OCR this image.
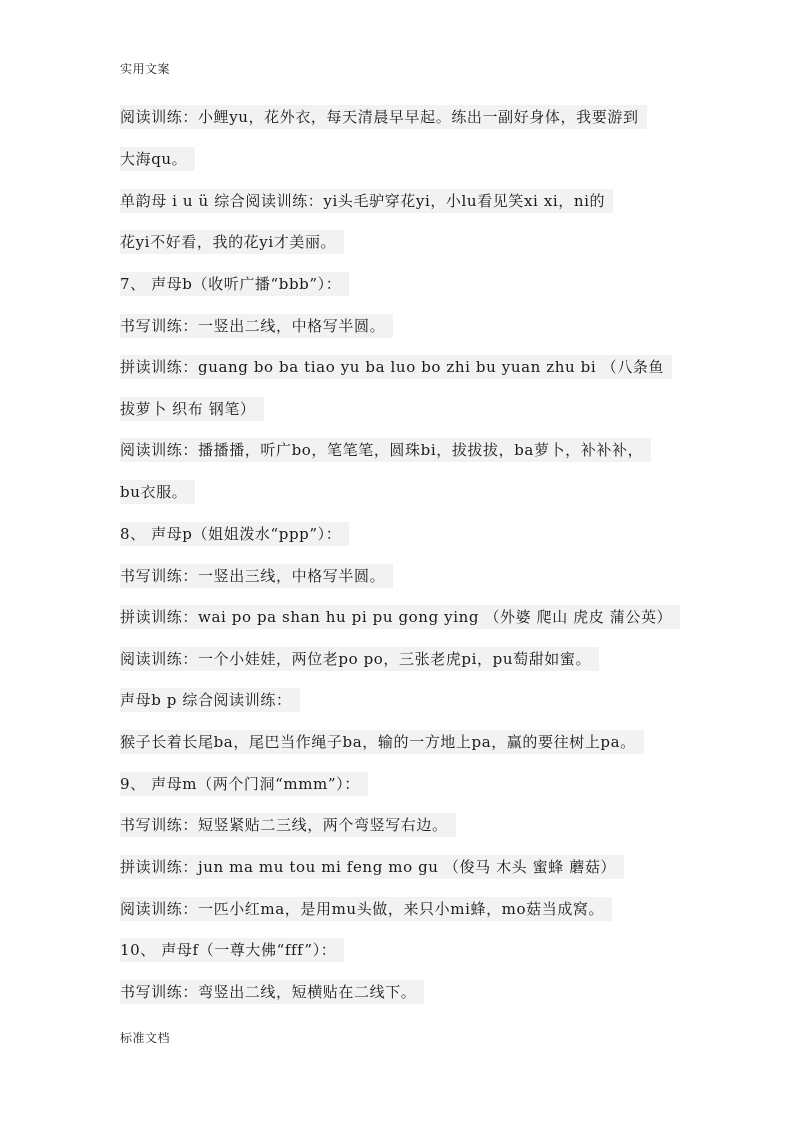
实用文案
阅读训练：小鲤yu，花外衣，每天清晨早早起。练出一副好身体，我要游到
大海qu。
单韵母 i u ü 综合阅读训练：yi头毛驴穿花yi，小lu看见笑xi xi，ni的
花yi不好看，我的花yi才美丽。
7、 声母b（收听广播“bbb”）：
书写训练：一竖出二线，中格写半圆。
拼读训练：guang bo ba tiao yu ba luo bo zhi bu yuan zhu bi （八条鱼
拔萝卜 织布 钢笔）
阅读训练：播播播，听广bo，笔笔笔，圆珠bi，拔拔拔，ba萝卜，补补补，
bu衣服。
8、 声母p（姐姐泼水“ppp”）：
书写训练：一竖出三线，中格写半圆。
拼读训练：wai po pa shan hu pi pu gong ying （外婆 爬山 虎皮 蒲公英）
阅读训练：一个小娃娃，两位老po po，三张老虎pi，pu萄甜如蜜。
声母b p 综合阅读训练：
猴子长着长尾ba，尾巴当作绳子ba，输的一方地上pa，赢的要往树上pa。
9、 声母m（两个门洞“mmm”）：
书写训练：短竖紧贴二三线，两个弯竖写右边。
拼读训练：jun ma mu tou mi feng mo gu （俊马 木头 蜜蜂 蘑菇）
阅读训练：一匹小红ma，是用mu头做，来只小mi蜂，mo菇当成窝。
10、 声母f（一尊大佛“fff”）：
书写训练：弯竖出二线，短横贴在二线下。
标准文档
